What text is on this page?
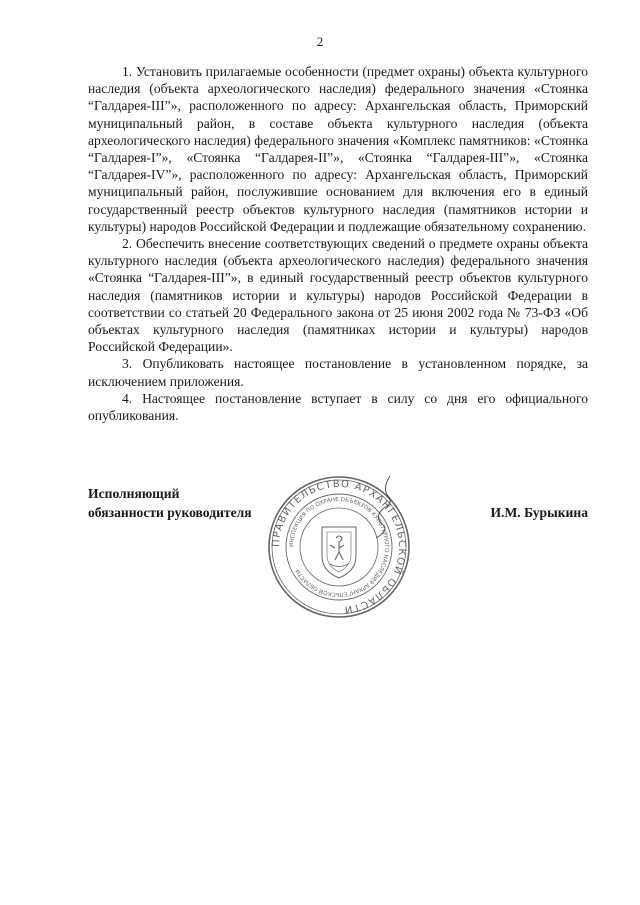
2

1. Установить прилагаемые особенности (предмет охраны) объекта культурного наследия (объекта археологического наследия) федерального значения «Стоянка “Галдарея-III”», расположенного по адресу: Архангельская область, Приморский муниципальный район, в составе объекта культурного наследия (объекта археологического наследия) федерального значения «Комплекс памятников: «Стоянка “Галдарея-I”», «Стоянка “Галдарея-II”», «Стоянка “Галдарея-III”», «Стоянка “Галдарея-IV”», расположенного по адресу: Архангельская область, Приморский муниципальный район, послужившие основанием для включения его в единый государственный реестр объектов культурного наследия (памятников истории и культуры) народов Российской Федерации и подлежащие обязательному сохранению.

2. Обеспечить внесение соответствующих сведений о предмете охраны объекта культурного наследия (объекта археологического наследия) федерального значения «Стоянка “Галдарея-III”», в единый государственный реестр объектов культурного наследия (памятников истории и культуры) народов Российской Федерации в соответствии со статьей 20 Федерального закона от 25 июня 2002 года № 73-ФЗ «Об объектах культурного наследия (памятниках истории и культуры) народов Российской Федерации».

3. Опубликовать настоящее постановление в установленном порядке, за исключением приложения.

4. Настоящее постановление вступает в силу со дня его официального опубликования.

Исполняющий
обязанности руководителя
ПРАВИТЕЛЬСТВО АРХАНГЕЛЬСКОЙ ОБЛАСТИ
ИНСПЕКЦИЯ ПО ОХРАНЕ ОБЪЕКТОВ КУЛЬТУРНОГО НАСЛЕДИЯ АРХАНГЕЛЬСКОЙ ОБЛАСТИ
И.М. Бурыкина
